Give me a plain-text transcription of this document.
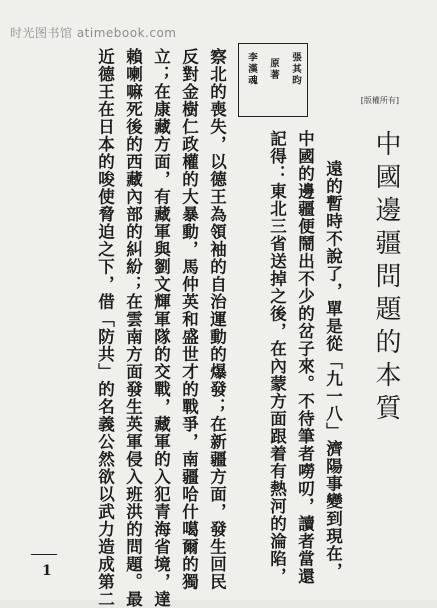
时光图书馆 atimebook.com
[版權所有]
中國邊疆問題的本質
張其昀
原著
李漢魂
遠的暫時不說了，單是從「九一八」濟陽事變到現在，
中國的邊疆便鬧出不少的岔子來。不待筆者嘮叨，讀者當還
記得：東北三省送掉之後，在內蒙方面跟着有熱河的淪陷，
察北的喪失，以德王為領袖的自治運動的爆發；在新疆方面，發生回民
反對金樹仁政權的大暴動，馬仲英和盛世才的戰爭，南疆哈什噶爾的獨
立；在康藏方面，有藏軍與劉文輝軍隊的交戰，藏軍的入犯青海省境，達
賴喇嘛死後的西藏內部的糾紛；在雲南方面發生英軍侵入班洪的問題。最
近德王在日本的唆使脅迫之下，借「防共」的名義公然欲以武力造成第二
1
